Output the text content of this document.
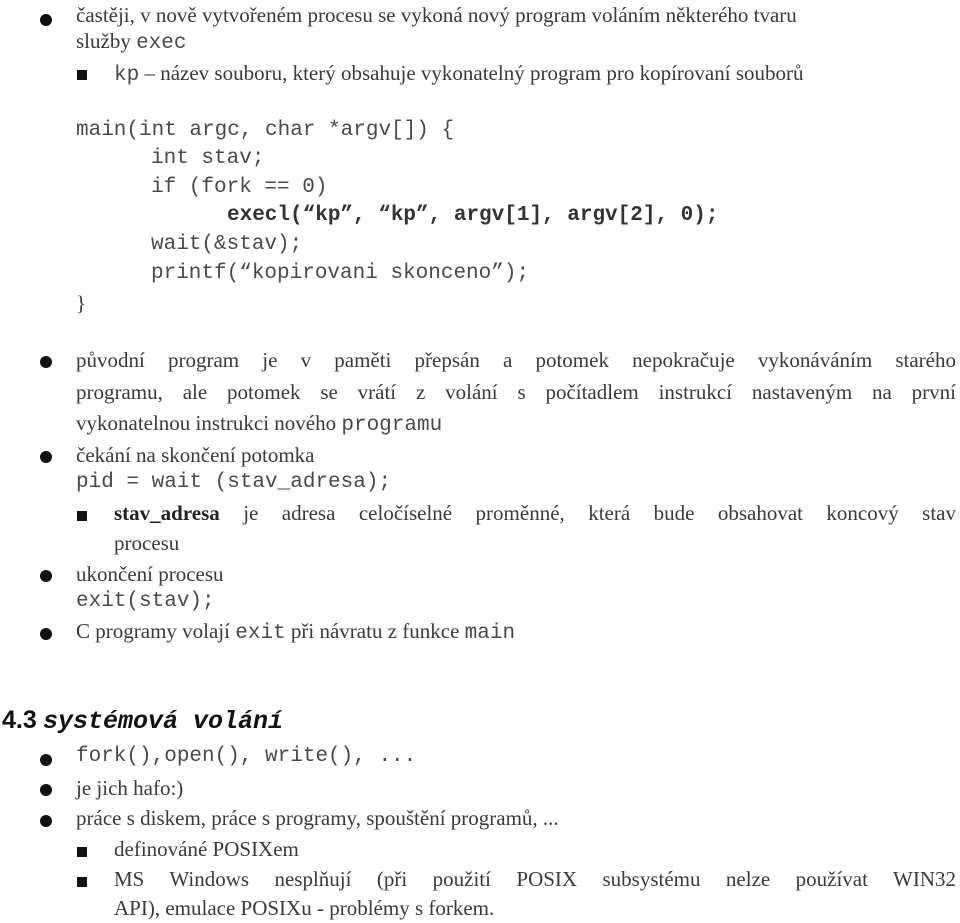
častěji, v nově vytvořeném procesu se vykoná nový program voláním některého tvaru
služby exec
kp – název souboru, který obsahuje vykonatelný program pro kopírovaní souborů
main(int argc, char *argv[]) {
int stav;
if (fork == 0)
execl(“kp”, “kp”, argv[1], argv[2], 0);
wait(&stav);
printf(“kopirovani skonceno”);
}
původní program je v paměti přepsán a potomek nepokračuje vykonáváním starého
programu, ale potomek se vrátí z volání s počítadlem instrukcí nastaveným na první
vykonatelnou instrukci nového programu
čekání na skončení potomka
pid = wait (stav_adresa);
stav_adresa je adresa celočíselné proměnné, která bude obsahovat koncový stav
procesu
ukončení procesu
exit(stav);
C programy volají exit při návratu z funkce main
4.3 systémová volání
fork(),open(), write(), ...
je jich hafo:)
práce s diskem, práce s programy, spouštění programů, ...
definováné POSIXem
MS Windows nesplňují (při použití POSIX subsystému nelze používat WIN32
API), emulace POSIXu - problémy s forkem.
